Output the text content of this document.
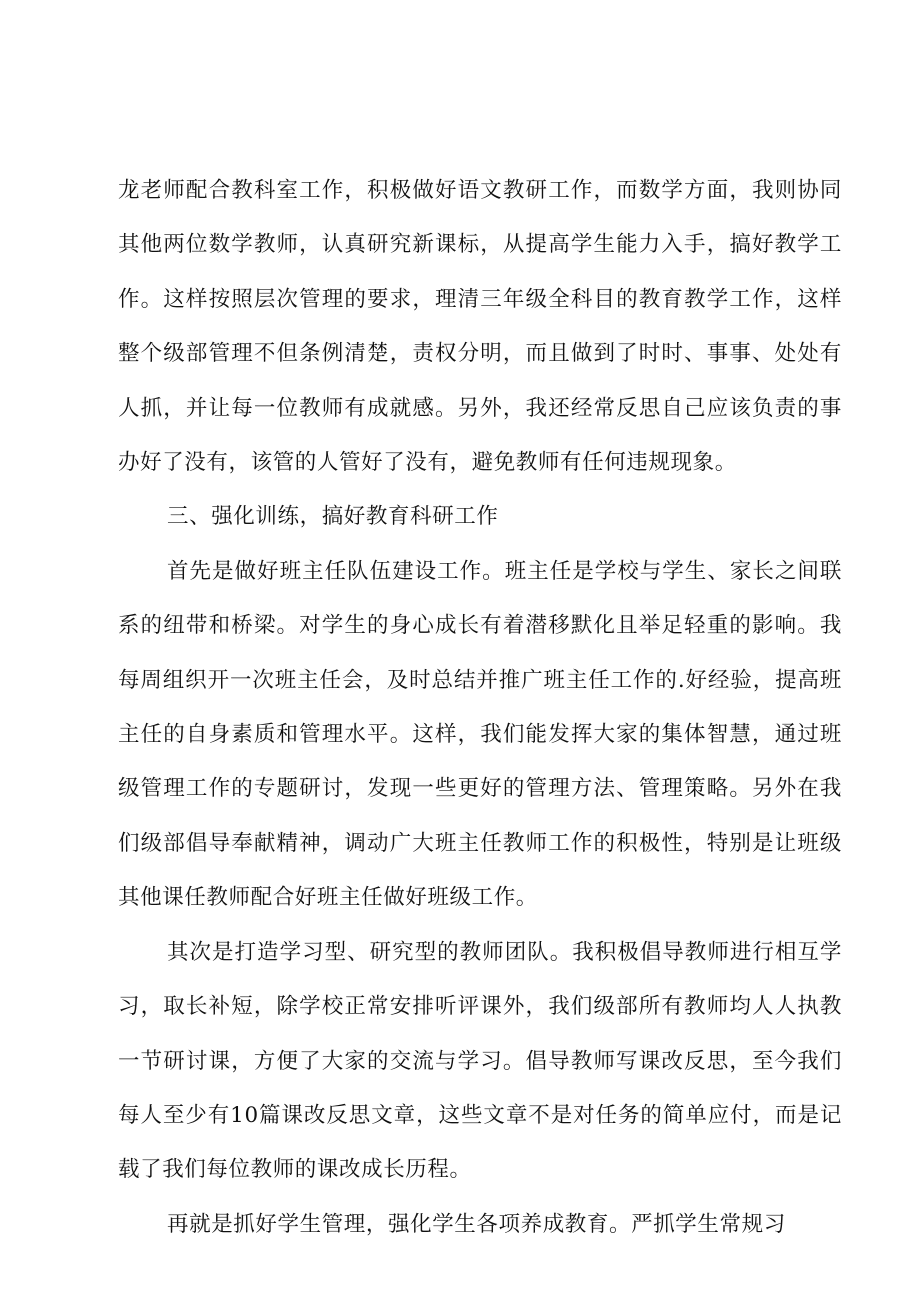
龙老师配合教科室工作，积极做好语文教研工作，而数学方面，我则协同其他两位数学教师，认真研究新课标，从提高学生能力入手，搞好教学工作。这样按照层次管理的要求，理清三年级全科目的教育教学工作，这样整个级部管理不但条例清楚，责权分明，而且做到了时时、事事、处处有人抓，并让每一位教师有成就感。另外，我还经常反思自己应该负责的事办好了没有，该管的人管好了没有，避免教师有任何违规现象。

三、强化训练，搞好教育科研工作

首先是做好班主任队伍建设工作。班主任是学校与学生、家长之间联系的纽带和桥梁。对学生的身心成长有着潜移默化且举足轻重的影响。我每周组织开一次班主任会，及时总结并推广班主任工作的.好经验，提高班主任的自身素质和管理水平。这样，我们能发挥大家的集体智慧，通过班级管理工作的专题研讨，发现一些更好的管理方法、管理策略。另外在我们级部倡导奉献精神，调动广大班主任教师工作的积极性，特别是让班级其他课任教师配合好班主任做好班级工作。

其次是打造学习型、研究型的教师团队。我积极倡导教师进行相互学习，取长补短，除学校正常安排听评课外，我们级部所有教师均人人执教一节研讨课，方便了大家的交流与学习。倡导教师写课改反思，至今我们每人至少有10篇课改反思文章，这些文章不是对任务的简单应付，而是记载了我们每位教师的课改成长历程。

再就是抓好学生管理，强化学生各项养成教育。严抓学生常规习
